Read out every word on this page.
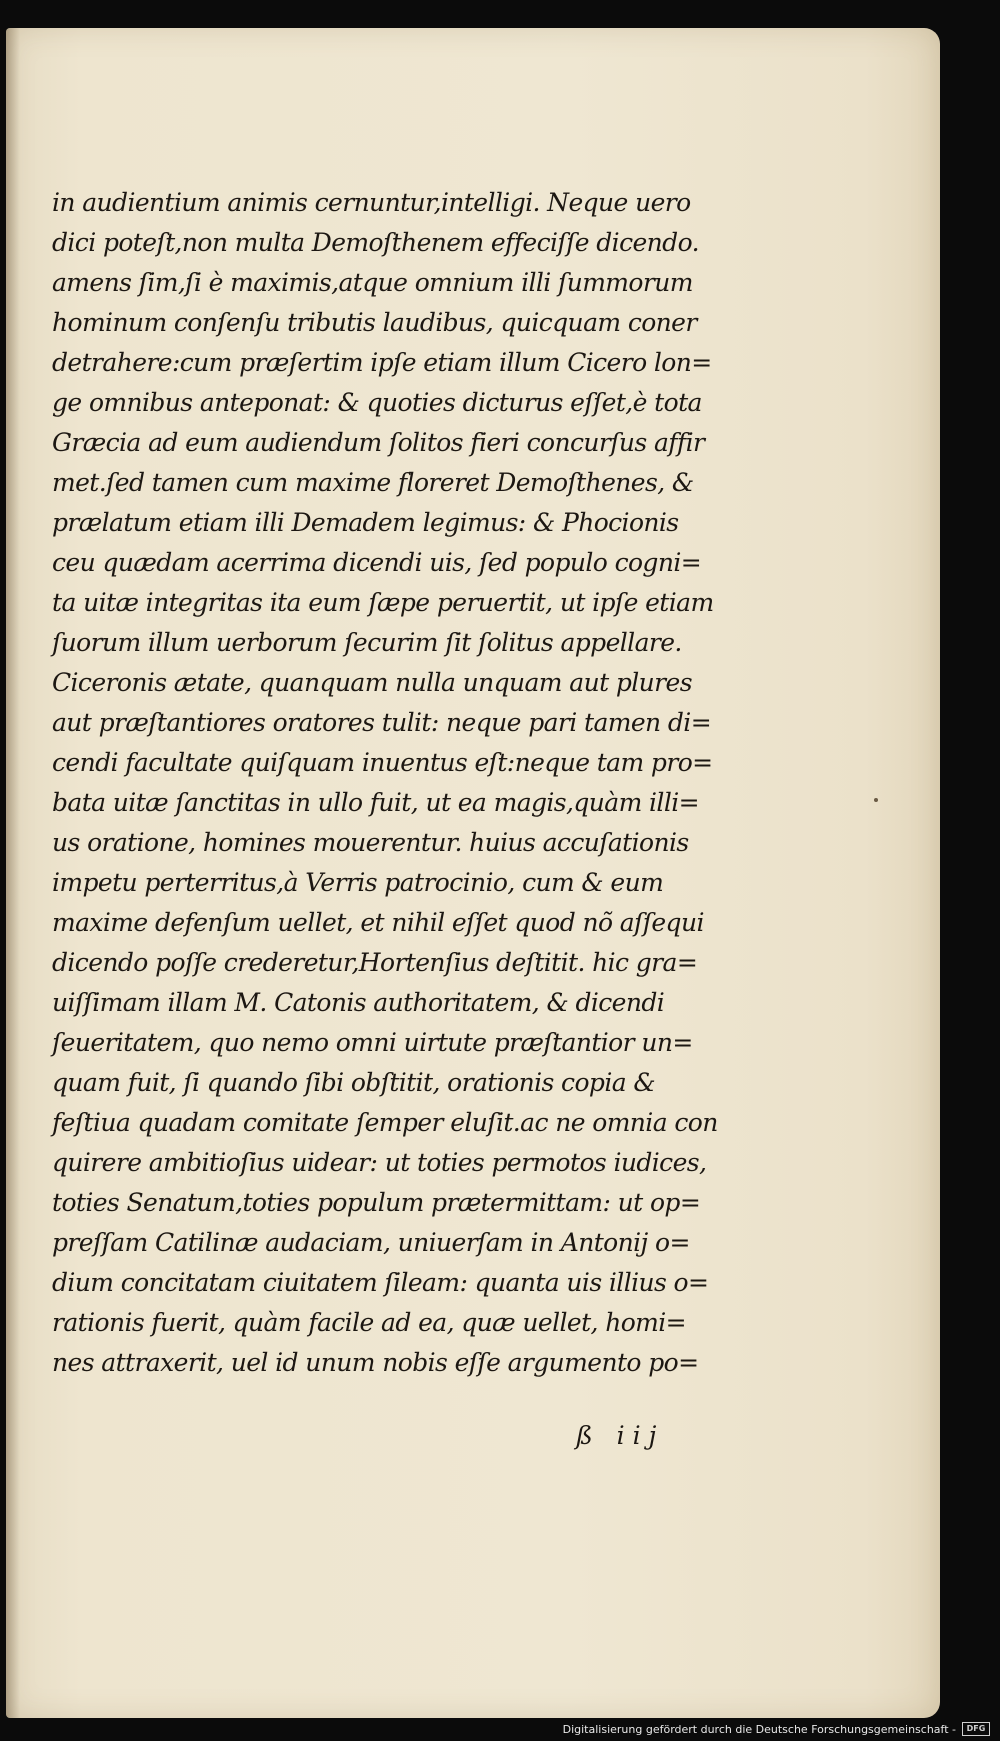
in audientium animis cernuntur,intelligi. Neque uero
dici poteſt,non multa Demoſthenem effeciſſe dicendo.
amens ſim,ſi è maximis,atque omnium illi ſummorum
hominum conſenſu tributis laudibus, quicquam coner
detrahere:cum præſertim ipſe etiam illum Cicero lon=
ge omnibus anteponat: & quoties dicturus eſſet,è tota
Græcia ad eum audiendum ſolitos fieri concurſus affir
met.ſed tamen cum maxime floreret Demoſthenes, &
prælatum etiam illi Demadem legimus: & Phocionis
ceu quædam acerrima dicendi uis, ſed populo cogni=
ta uitæ integritas ita eum ſæpe peruertit, ut ipſe etiam
ſuorum illum uerborum ſecurim ſit ſolitus appellare.
Ciceronis ætate, quanquam nulla unquam aut plures
aut præſtantiores oratores tulit: neque pari tamen di=
cendi facultate quiſquam inuentus eſt:neque tam pro=
bata uitæ ſanctitas in ullo fuit, ut ea magis,quàm illi=
us oratione, homines mouerentur. huius accuſationis
impetu perterritus,à Verris patrocinio, cum & eum
maxime defenſum uellet, et nihil eſſet quod nõ aſſequi
dicendo poſſe crederetur,Hortenſius deſtitit. hic gra=
uiſſimam illam M. Catonis authoritatem, & dicendi
ſeueritatem, quo nemo omni uirtute præſtantior un=
quam fuit, ſi quando ſibi obſtitit, orationis copia &
feſtiua quadam comitate ſemper eluſit.ac ne omnia con
quirere ambitioſius uidear: ut toties permotos iudices,
toties Senatum,toties populum prætermittam: ut op=
preſſam Catilinæ audaciam, uniuerſam in Antonij o=
dium concitatam ciuitatem ſileam: quanta uis illius o=
rationis fuerit, quàm facile ad ea, quæ uellet, homi=
nes attraxerit, uel id unum nobis eſſe argumento po=
ß iij
Digitalisierung gefördert durch die Deutsche Forschungsgemeinschaft -	DFG
